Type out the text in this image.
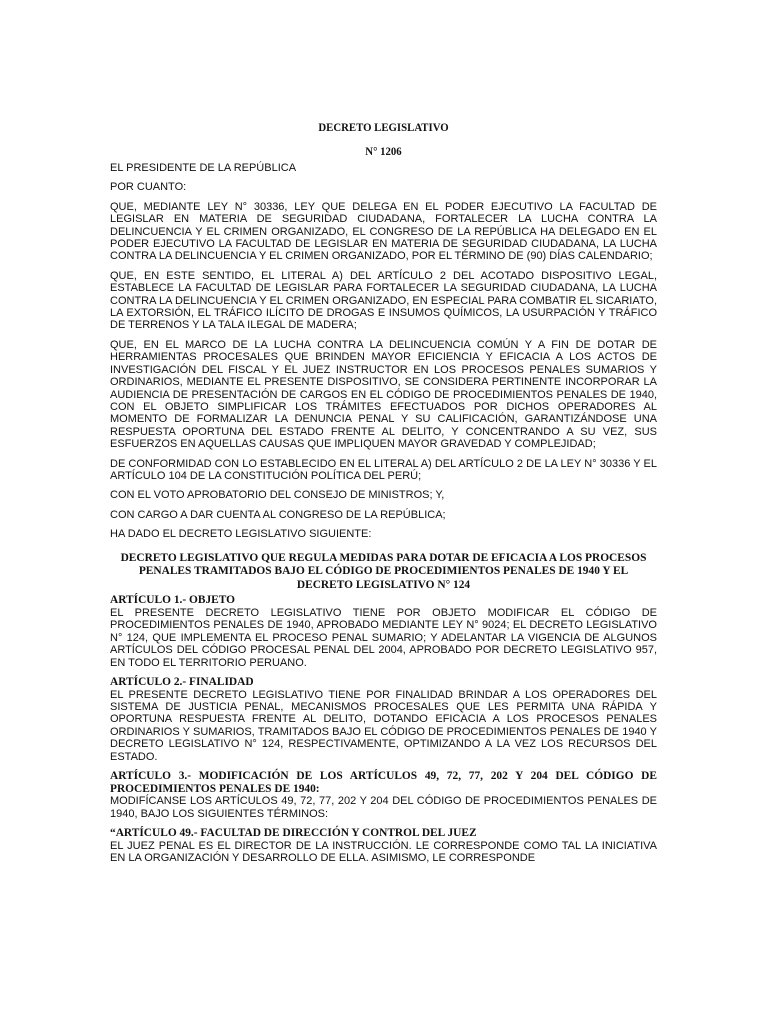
DECRETO LEGISLATIVO
N° 1206

EL PRESIDENTE DE LA REPÚBLICA

POR CUANTO:

QUE, MEDIANTE LEY N° 30336, LEY QUE DELEGA EN EL PODER EJECUTIVO LA FACULTAD DE LEGISLAR EN MATERIA DE SEGURIDAD CIUDADANA, FORTALECER LA LUCHA CONTRA LA DELINCUENCIA Y EL CRIMEN ORGANIZADO, EL CONGRESO DE LA REPÚBLICA HA DELEGADO EN EL PODER EJECUTIVO LA FACULTAD DE LEGISLAR EN MATERIA DE SEGURIDAD CIUDADANA, LA LUCHA CONTRA LA DELINCUENCIA Y EL CRIMEN ORGANIZADO, POR EL TÉRMINO DE (90) DÍAS CALENDARIO;

QUE, EN ESTE SENTIDO, EL LITERAL A) DEL ARTÍCULO 2 DEL ACOTADO DISPOSITIVO LEGAL, ESTABLECE LA FACULTAD DE LEGISLAR PARA FORTALECER LA SEGURIDAD CIUDADANA, LA LUCHA CONTRA LA DELINCUENCIA Y EL CRIMEN ORGANIZADO, EN ESPECIAL PARA COMBATIR EL SICARIATO, LA EXTORSIÓN, EL TRÁFICO ILÍCITO DE DROGAS E INSUMOS QUÍMICOS, LA USURPACIÓN Y TRÁFICO DE TERRENOS Y LA TALA ILEGAL DE MADERA;

QUE, EN EL MARCO DE LA LUCHA CONTRA LA DELINCUENCIA COMÚN Y A FIN DE DOTAR DE HERRAMIENTAS PROCESALES QUE BRINDEN MAYOR EFICIENCIA Y EFICACIA A LOS ACTOS DE INVESTIGACIÓN DEL FISCAL Y EL JUEZ INSTRUCTOR EN LOS PROCESOS PENALES SUMARIOS Y ORDINARIOS, MEDIANTE EL PRESENTE DISPOSITIVO, SE CONSIDERA PERTINENTE INCORPORAR LA AUDIENCIA DE PRESENTACIÓN DE CARGOS EN EL CÓDIGO DE PROCEDIMIENTOS PENALES DE 1940, CON EL OBJETO SIMPLIFICAR LOS TRÁMITES EFECTUADOS POR DICHOS OPERADORES AL MOMENTO DE FORMALIZAR LA DENUNCIA PENAL Y SU CALIFICACIÓN, GARANTIZÁNDOSE UNA RESPUESTA OPORTUNA DEL ESTADO FRENTE AL DELITO, Y CONCENTRANDO A SU VEZ, SUS ESFUERZOS EN AQUELLAS CAUSAS QUE IMPLIQUEN MAYOR GRAVEDAD Y COMPLEJIDAD;

DE CONFORMIDAD CON LO ESTABLECIDO EN EL LITERAL A) DEL ARTÍCULO 2 DE LA LEY N° 30336 Y EL ARTÍCULO 104 DE LA CONSTITUCIÓN POLÍTICA DEL PERÚ;

CON EL VOTO APROBATORIO DEL CONSEJO DE MINISTROS; Y,

CON CARGO A DAR CUENTA AL CONGRESO DE LA REPÚBLICA;

HA DADO EL DECRETO LEGISLATIVO SIGUIENTE:

DECRETO LEGISLATIVO QUE REGULA MEDIDAS PARA DOTAR DE EFICACIA A LOS PROCESOS PENALES TRAMITADOS BAJO EL CÓDIGO DE PROCEDIMIENTOS PENALES DE 1940 Y EL DECRETO LEGISLATIVO N° 124
ARTÍCULO 1.- OBJETO
EL PRESENTE DECRETO LEGISLATIVO TIENE POR OBJETO MODIFICAR EL CÓDIGO DE PROCEDIMIENTOS PENALES DE 1940, APROBADO MEDIANTE LEY N° 9024; EL DECRETO LEGISLATIVO N° 124, QUE IMPLEMENTA EL PROCESO PENAL SUMARIO; Y ADELANTAR LA VIGENCIA DE ALGUNOS ARTÍCULOS DEL CÓDIGO PROCESAL PENAL DEL 2004, APROBADO POR DECRETO LEGISLATIVO 957, EN TODO EL TERRITORIO PERUANO.
ARTÍCULO 2.- FINALIDAD
EL PRESENTE DECRETO LEGISLATIVO TIENE POR FINALIDAD BRINDAR A LOS OPERADORES DEL SISTEMA DE JUSTICIA PENAL, MECANISMOS PROCESALES QUE LES PERMITA UNA RÁPIDA Y OPORTUNA RESPUESTA FRENTE AL DELITO, DOTANDO EFICACIA A LOS PROCESOS PENALES ORDINARIOS Y SUMARIOS, TRAMITADOS BAJO EL CÓDIGO DE PROCEDIMIENTOS PENALES DE 1940 Y DECRETO LEGISLATIVO N° 124, RESPECTIVAMENTE, OPTIMIZANDO A LA VEZ LOS RECURSOS DEL ESTADO.
ARTÍCULO 3.- MODIFICACIÓN DE LOS ARTÍCULOS 49, 72, 77, 202 Y 204 DEL CÓDIGO DE PROCEDIMIENTOS PENALES DE 1940:
MODIFÍCANSE LOS ARTÍCULOS 49, 72, 77, 202 Y 204 DEL CÓDIGO DE PROCEDIMIENTOS PENALES DE 1940, BAJO LOS SIGUIENTES TÉRMINOS:
“ARTÍCULO 49.- FACULTAD DE DIRECCIÓN Y CONTROL DEL JUEZ
EL JUEZ PENAL ES EL DIRECTOR DE LA INSTRUCCIÓN. LE CORRESPONDE COMO TAL LA INICIATIVA EN LA ORGANIZACIÓN Y DESARROLLO DE ELLA. ASIMISMO, LE CORRESPONDE
